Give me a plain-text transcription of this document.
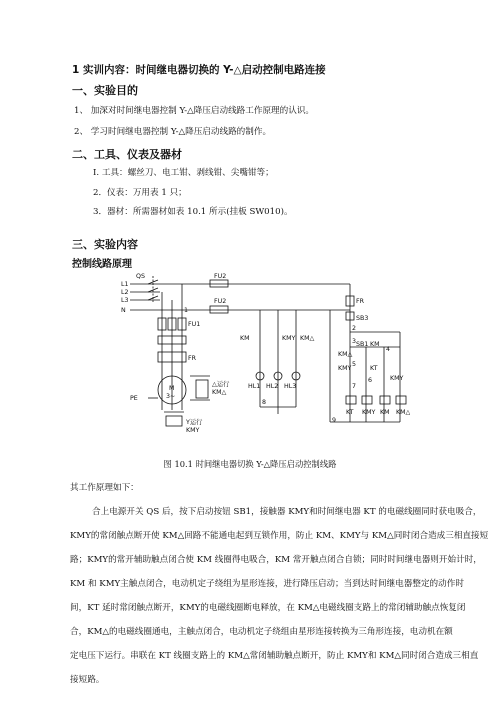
1 实训内容：时间继电器切换的 Y-△启动控制电路连接
一、实验目的
1、 加深对时间继电器控制 Y-△降压启动线路工作原理的认识。
2、 学习时间继电器控制 Y-△降压启动线路的制作。
二、工具、仪表及器材
Ⅰ. 工具：螺丝刀、电工钳、剥线钳、尖嘴钳等；
2．仪表：万用表 1 只；
3．器材：所需器材如表 10.1 所示(挂板 SW010)。
三、实验内容
控制线路原理
L1
L2
L3
N
QS	FU2
FU2
FU1
FR
FR
SB3
SB1
M
3~
PE
△运行
KM△
Y运行
KMY
KM	KMY KM△
HL1 HL2 HL3
KM
KM△
KMY	KT
KMY
KT KMY KM KM△
1
2
3
4
5
6
7
8
9
图 10.1 时间继电器切换 Y-△降压启动控制线路
其工作原理如下：
合上电源开关 QS 后，按下启动按钮 SB1，接触器 KMY和时间继电器 KT 的电磁线圈同时获电吸合，
KMY的常闭触点断开使 KM△回路不能通电起到互锁作用，防止 KM、KMY与 KM△同时闭合造成三相直接短
路；KMY的常开辅助触点闭合使 KM 线圈得电吸合，KM 常开触点闭合自锁；同时时间继电器则开始计时，
KM 和 KMY主触点闭合，电动机定子绕组为星形连接，进行降压启动；当到达时间继电器整定的动作时
间，KT 延时常闭触点断开，KMY的电磁线圈断电释放，在 KM△电磁线圈支路上的常闭辅助触点恢复闭
合，KM△的电磁线圈通电，主触点闭合，电动机定子绕组由星形连接转换为三角形连接，电动机在额
定电压下运行。串联在 KT 线圈支路上的 KM△常闭辅助触点断开，防止 KMY和 KM△同时闭合造成三相直
接短路。
